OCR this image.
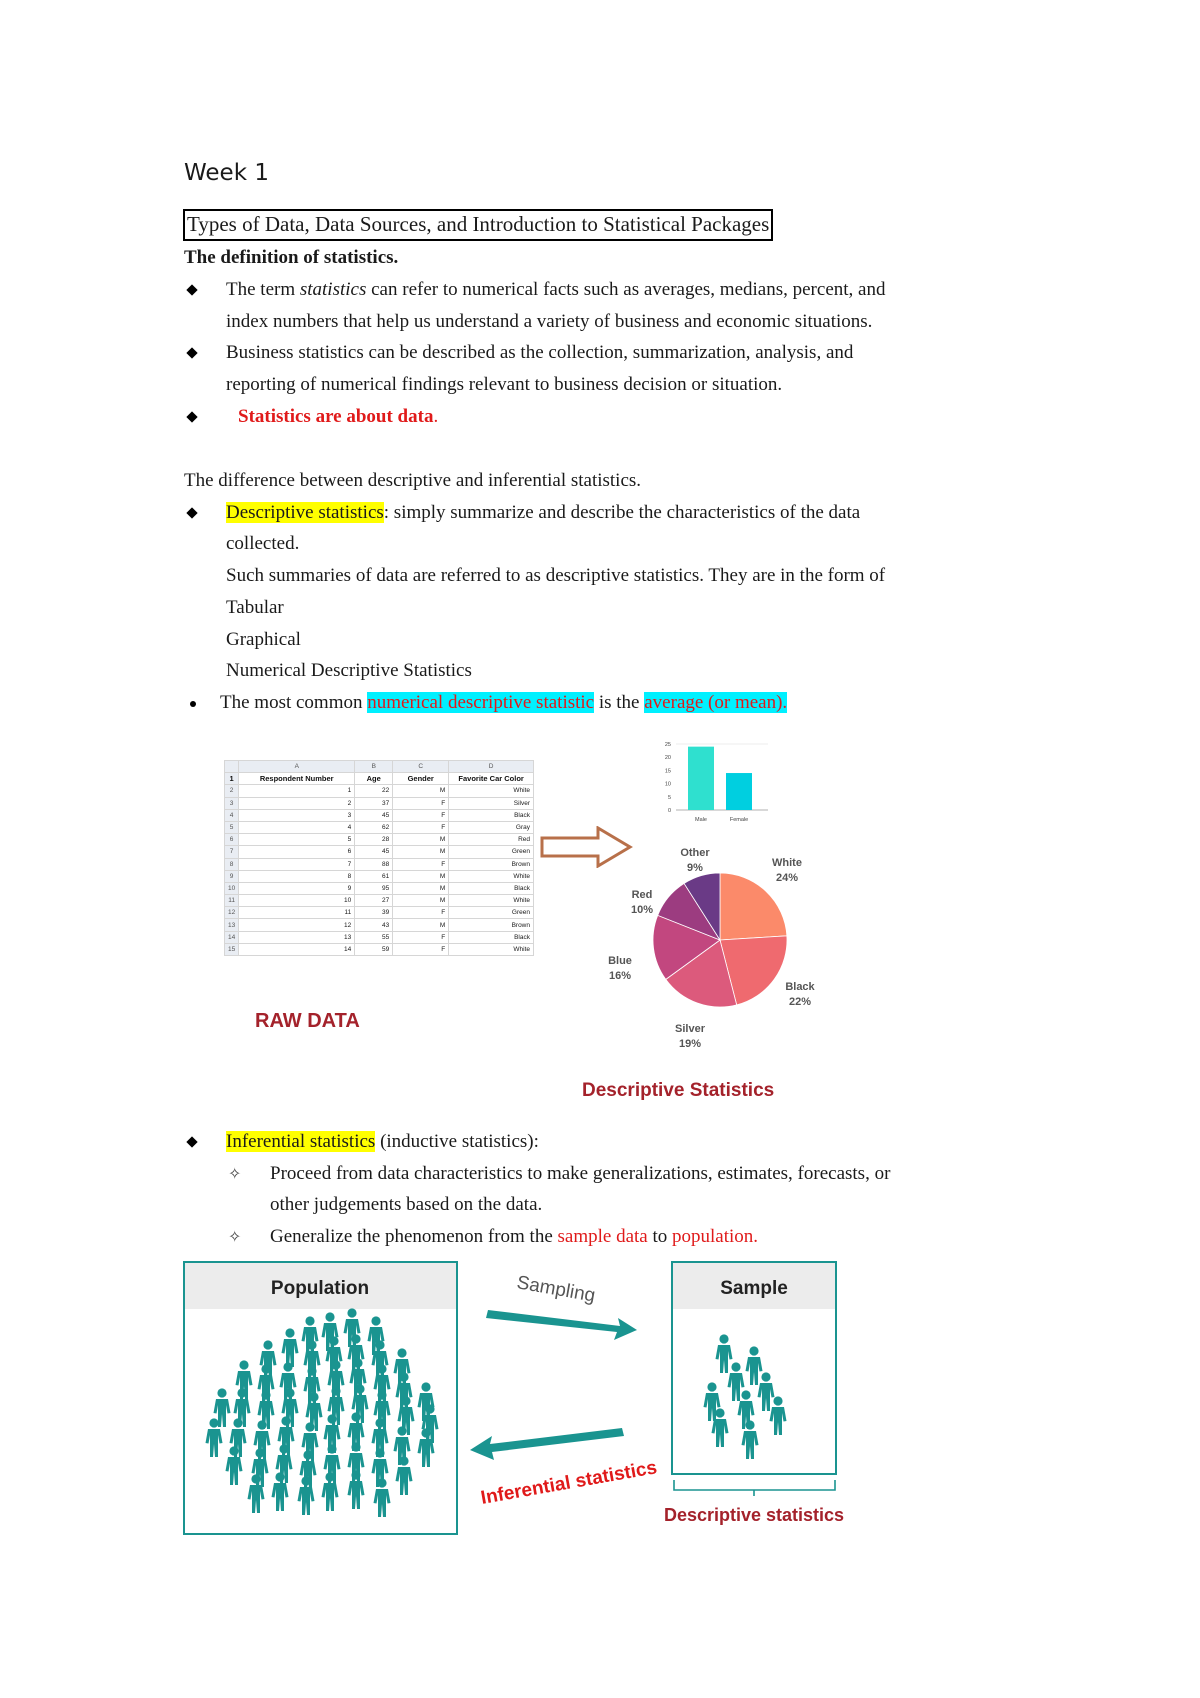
Week 1
Types of Data, Data Sources, and Introduction to Statistical Packages
The definition of statistics.
The term statistics can refer to numerical facts such as averages, medians, percent, and
index numbers that help us understand a variety of business and economic situations.
Business statistics can be described as the collection, summarization, analysis, and
reporting of numerical findings relevant to business decision or situation.
Statistics are about data.
The difference between descriptive and inferential statistics.
Descriptive statistics: simply summarize and describe the characteristics of the data
collected.
Such summaries of data are referred to as descriptive statistics. They are in the form of
Tabular
Graphical
Numerical Descriptive Statistics
The most common numerical descriptive statistic is the average (or mean).
	A	B	C	D
1	Respondent Number	Age	Gender	Favorite Car Color
2	1	22	M	White
3	2	37	F	Silver
4	3	45	F	Black
5	4	62	F	Gray
6	5	28	M	Red
7	6	45	M	Green
8	7	88	F	Brown
9	8	61	M	White
10	9	95	M	Black
11	10	27	M	White
12	11	39	F	Green
13	12	43	M	Brown
14	13	55	F	Black
15	14	59	F	White
RAW DATA
0
5
10
15
20
25
Male	Female
White
24%
Black
22%
Silver
19%
Blue
16%
Red
10%
Other
9%
Descriptive Statistics
Inferential statistics (inductive statistics):
✧	Proceed from data characteristics to make generalizations, estimates, forecasts, or
other judgements based on the data.
✧	Generalize the phenomenon from the sample data to population.
Population	Sample
Sampling
Inferential statistics
Descriptive statistics
